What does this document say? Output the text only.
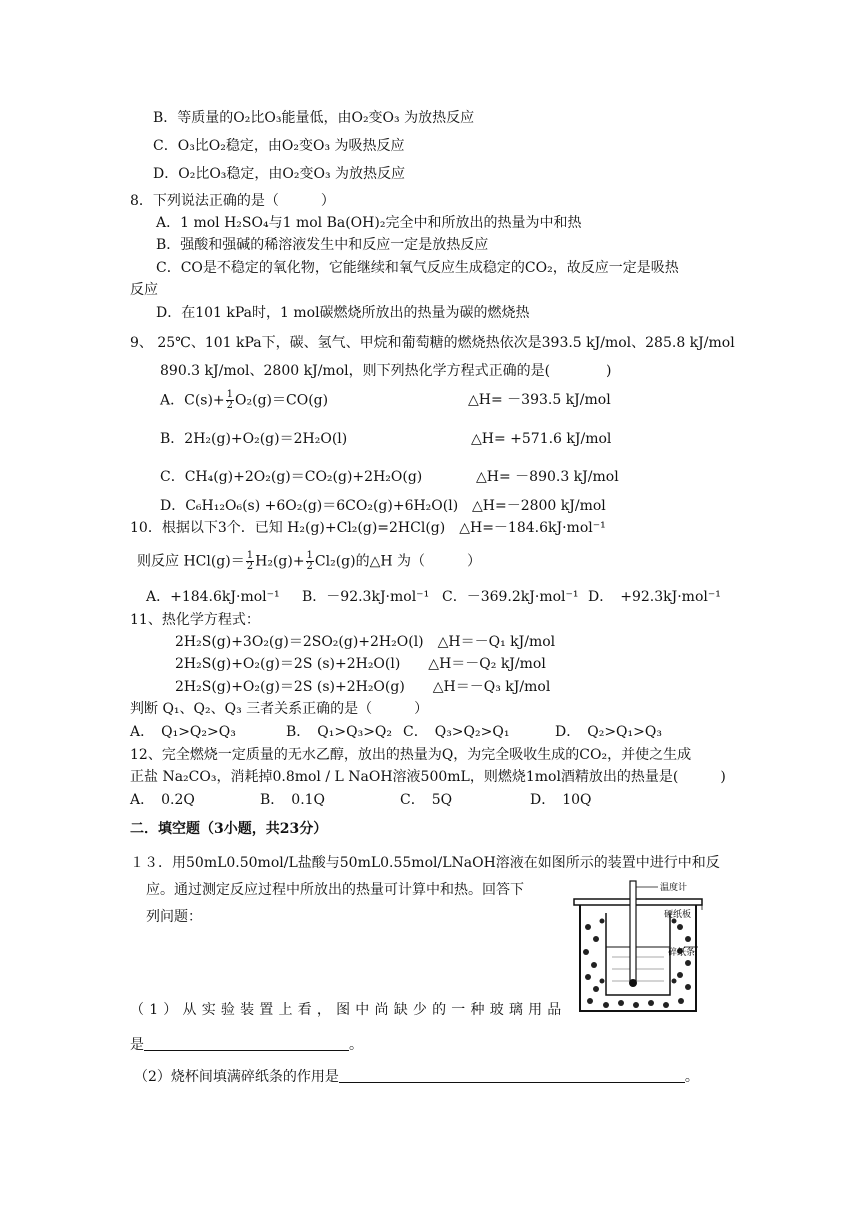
B．等质量的O₂比O₃能量低，由O₂变O₃ 为放热反应
C．O₃比O₂稳定，由O₂变O₃ 为吸热反应
D．O₂比O₃稳定，由O₂变O₃ 为放热反应
8．下列说法正确的是（　　　）
A．1 mol H₂SO₄与1 mol Ba(OH)₂完全中和所放出的热量为中和热
B．强酸和强碱的稀溶液发生中和反应一定是放热反应
C．CO是不稳定的氧化物，它能继续和氧气反应生成稳定的CO₂，故反应一定是吸热
反应
D．在101 kPa时，1 mol碳燃烧所放出的热量为碳的燃烧热
9、 25℃、101 kPa下，碳、氢气、甲烷和葡萄糖的燃烧热依次是393.5 kJ/mol、285.8 kJ/mol
890.3 kJ/mol、2800 kJ/mol，则下列热化学方程式正确的是(　　　　)
A．$C(s)+ \frac{1}{2} O_2(g)=CO(g)$	△H= －393.5 kJ/mol
B．2H₂(g)+O₂(g)＝2H₂O(l)	△H= +571.6 kJ/mol
C．CH₄(g)+2O₂(g)＝CO₂(g)+2H₂O(g)	△H= －890.3 kJ/mol
D．C₆H₁₂O₆(s) +6O₂(g)＝6CO₂(g)+6H₂O(l) △H=－2800 kJ/mol
10．根据以下3个．已知 H₂(g)+Cl₂(g)=2HCl(g)　△H=－184.6kJ·mol⁻¹
则反应 $HCl(g)= \frac{1}{2} H_2(g)+ \frac{1}{2} Cl_2(g)$的△H 为（　　　）
A．+184.6kJ·mol⁻¹ B．－92.3kJ·mol⁻¹ C．－369.2kJ·mol⁻¹ D．　+92.3kJ·mol⁻¹
11、热化学方程式：
2H₂S(g)+3O₂(g)＝2SO₂(g)+2H₂O(l)　△H＝－Q₁ kJ/mol
2H₂S(g)+O₂(g)＝2S (s)+2H₂O(l)　　△H＝－Q₂ kJ/mol
2H₂S(g)+O₂(g)＝2S (s)+2H₂O(g)　　△H＝－Q₃ kJ/mol
判断 Q₁、Q₂、Q₃ 三者关系正确的是（　　　）
A．　Q₁>Q₂>Q₃	B．　Q₁>Q₃>Q₂ C．　Q₃>Q₂>Q₁	D．　Q₂>Q₁>Q₃
12、完全燃烧一定质量的无水乙醇，放出的热量为Q，为完全吸收生成的CO₂，并使之生成
正盐 Na₂CO₃，消耗掉0.8mol / L NaOH溶液500mL，则燃烧1mol酒精放出的热量是(　　　)
A．　0.2Q	B．　0.1Q	C．　5Q	D．　10Q
二．填空题（3小题，共23分）
１３．用50mL0.50mol/L盐酸与50mL0.55mol/LNaOH溶液在如图所示的装置中进行中和反
应。通过测定反应过程中所放出的热量可计算中和热。回答下
列问题：
温度计
硬纸板
碎纸条
（1）从实验装置上看，图中尚缺少的一种玻璃用品
是	。
（2）烧杯间填满碎纸条的作用是	。
